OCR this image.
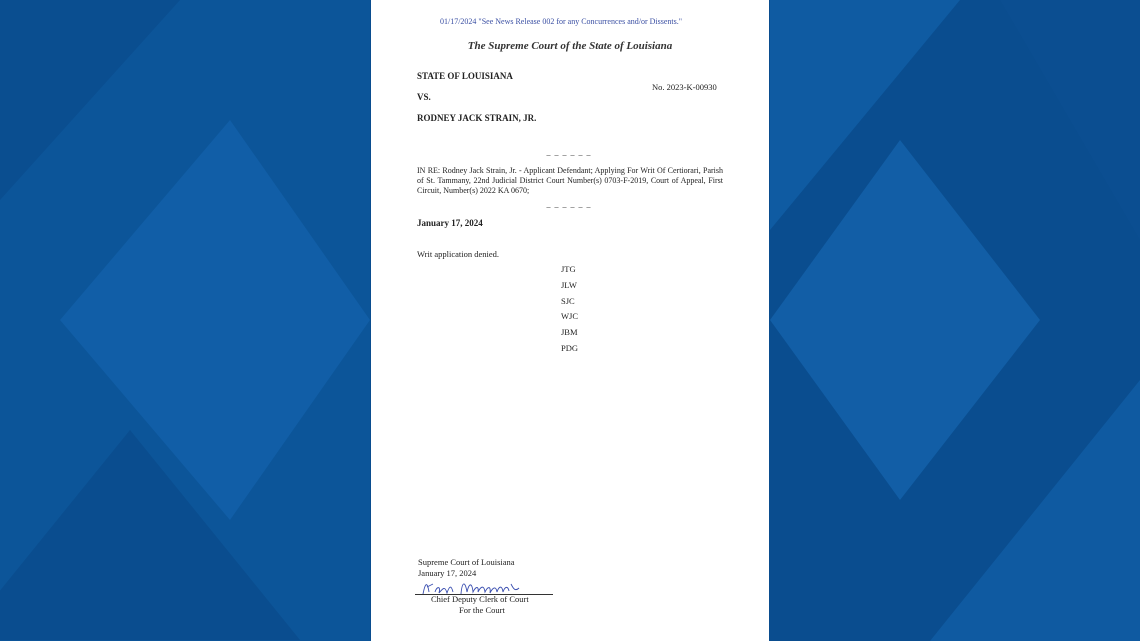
01/17/2024 "See News Release 002 for any Concurrences and/or Dissents."
The Supreme Court of the State of Louisiana
STATE OF LOUISIANA
No. 2023-K-00930
VS.
RODNEY JACK STRAIN, JR.
_ _ _ _ _ _
IN RE: Rodney Jack Strain, Jr. - Applicant Defendant; Applying For Writ Of Certiorari, Parish of St. Tammany, 22nd Judicial District Court Number(s) 0703-F-2019, Court of Appeal, First Circuit, Number(s) 2022 KA 0670;
_ _ _ _ _ _
January 17, 2024
Writ application denied.
JTG
JLW
SJC
WJC
JBM
PDG
Supreme Court of Louisiana
January 17, 2024
Chief Deputy Clerk of Court
For the Court
